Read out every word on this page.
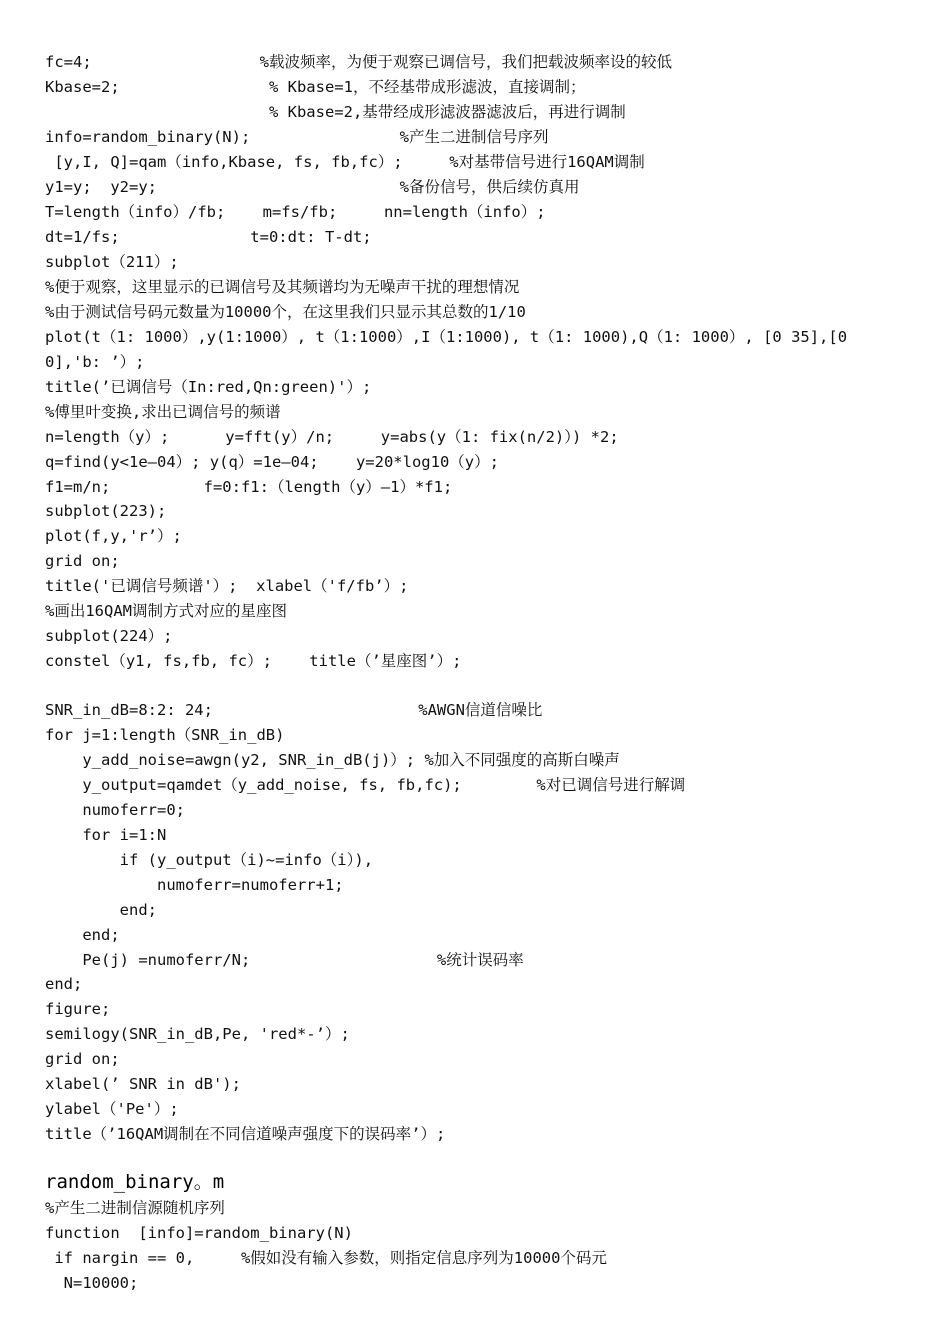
fc=4;                  %载波频率，为便于观察已调信号，我们把载波频率设的较低
Kbase=2;                % Kbase=1，不经基带成形滤波，直接调制；
% Kbase=2,基带经成形滤波器滤波后，再进行调制
info=random_binary(N);                %产生二进制信号序列
[y,I, Q]=qam（info,Kbase, fs, fb,fc）;     %对基带信号进行16QAM调制
y1=y;  y2=y;                          %备份信号，供后续仿真用
T=length（info）/fb;    m=fs/fb;     nn=length（info）;
dt=1/fs;              t=0:dt: T-dt;
subplot（211）;
%便于观察，这里显示的已调信号及其频谱均为无噪声干扰的理想情况
%由于测试信号码元数量为10000个，在这里我们只显示其总数的1/10
plot(t（1: 1000）,y(1:1000）, t（1:1000）,I（1:1000), t（1: 1000),Q（1: 1000）, [0 35],[0
0],'b: ’）;
title(’已调信号（In:red,Qn:green)'）;
%傅里叶变换,求出已调信号的频谱
n=length（y）;      y=fft(y）/n;     y=abs(y（1: fix(n/2)）) *2;
q=find(y<1e—04）; y(q）=1e—04;    y=20*log10（y）;
f1=m/n;          f=0:f1:（length（y）—1）*f1;
subplot(223);
plot(f,y,'r’）;
grid on;
title('已调信号频谱'）;  xlabel（'f/fb’）;
%画出16QAM调制方式对应的星座图
subplot(224）;
constel（y1, fs,fb, fc）;    title（’星座图’）;
SNR_in_dB=8:2: 24;                      %AWGN信道信噪比
for j=1:length（SNR_in_dB)
y_add_noise=awgn(y2, SNR_in_dB(j)）; %加入不同强度的高斯白噪声
y_output=qamdet（y_add_noise, fs, fb,fc);        %对已调信号进行解调
numoferr=0;
for i=1:N
if (y_output（i)~=info（i）),
numoferr=numoferr+1;
end;
end;
Pe(j) =numoferr/N;                    %统计误码率
end;
figure;
semilogy(SNR_in_dB,Pe, 'red*-’）;
grid on;
xlabel(’ SNR in dB');
ylabel（'Pe'）;
title（’16QAM调制在不同信道噪声强度下的误码率’）;
random_binary。m
%产生二进制信源随机序列
function  [info]=random_binary(N)
if nargin == 0,     %假如没有输入参数，则指定信息序列为10000个码元
N=10000;
